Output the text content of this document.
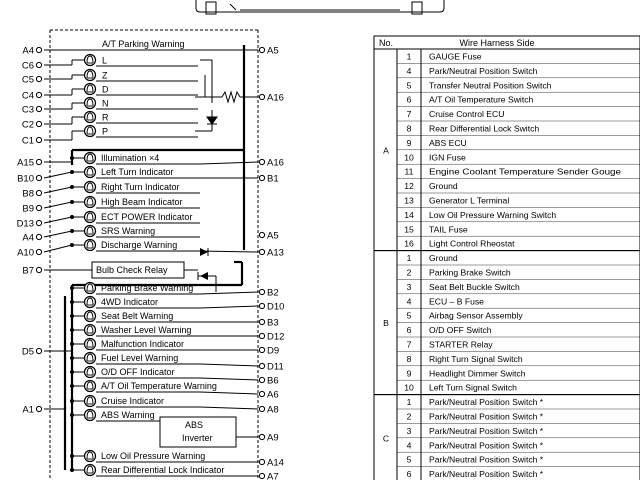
A4
C6
C5
C4
C3
C2
C1
A15
B10
B8
B9
D13
A4
A10
B7
D5
A1
A5
A16
A16
B1
A5
A13
B2
D10
B3
D12
D9
D11
B6
A6
A8
A9
A14
A7
L
Z
D
N
R
P
Illumination ×4
Left Turn Indicator
Right Turn Indicator
High Beam Indicator
ECT POWER Indicator
SRS Warning
Discharge Warning
Parking Brake Warning
4WD Indicator
Seat Belt Warning
Washer Level Warning
Malfunction Indicator
Fuel Level Warning
O/D OFF Indicator
A/T Oil Temperature Warning
Cruise Indicator
ABS Warning
Low Oil Pressure Warning
Rear Differential Lock Indicator
A/T Parking Warning
Bulb Check Relay
ABS
Inverter
No.	Wire Harness Side
A
1 GAUGE Fuse
4 Park/Neutral Position Switch
5 Transfer Neutral Position Switch
6 A/T Oil Temperature Switch
7 Cruise Control ECU
8 Rear Differential Lock Switch
9 ABS ECU
10 IGN Fuse
11 Engine Coolant Temperature Sender Gouge
12 Ground
13 Generator L Terminal
14 Low Oil Pressure Warning Switch
15 TAIL Fuse
16 Light Control Rheostat
B
1 Ground
2 Parking Brake Switch
3 Seat Belt Buckle Switch
4 ECU – B Fuse
5 Airbag Sensor Assembly
6 O/D OFF Switch
7 STARTER Relay
8 Right Turn Signal Switch
9 Headlight Dimmer Switch
10 Left Turn Signal Switch
C
1 Park/Neutral Position Switch *
2 Park/Neutral Position Switch *
3 Park/Neutral Position Switch *
4 Park/Neutral Position Switch *
5 Park/Neutral Position Switch *
6 Park/Neutral Position Switch *
